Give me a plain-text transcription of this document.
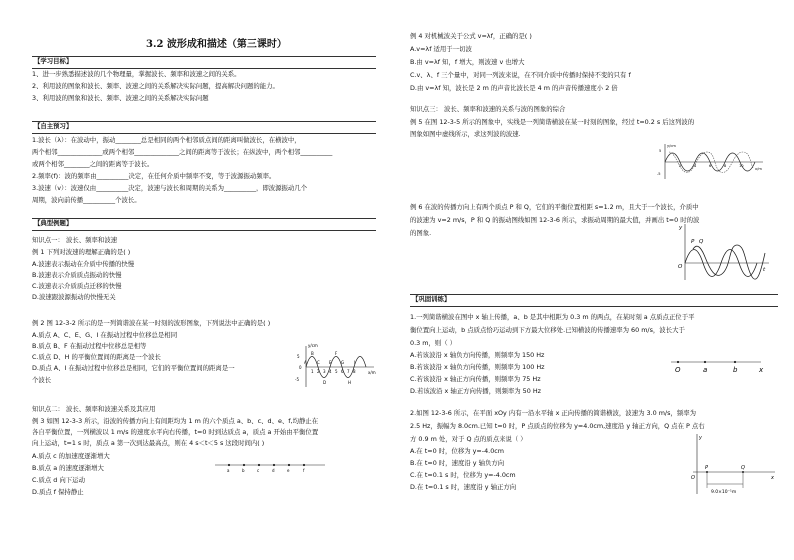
3.2 波形成和描述（第三课时）
【学习目标】
1、进一步熟悉描述波的几个物理量，掌握波长、频率和波速之间的关系。
2、利用波的图象和波长、频率、波速之间的关系解决实际问题，提高解决问题的能力。
3、利用波的图象和波长、频率、波速之间的关系解决实际问题
【自主预习】
1.波长（λ）：在波动中，振动________总是相同的两个相邻质点间的距离叫做波长，在横波中，
两个相邻______________或两个相邻______________之间的距离等于波长；在纵波中，两个相邻__________
或两个相邻________之间的距离等于波长。
2.频率(f)：波的频率由__________决定，在任何介质中频率不变，等于波源振动频率。
3.波速（v）：波速仅由__________决定，波速与波长和周期的关系为__________，即波源振动几个
周期，波向前传播__________个波长。
【典型例题】
知识点一： 波长、频率和波速
例 1 下列对波速的理解正确的是( )
A.波速表示振动在介质中传播的快慢
B.波速表示介质质点振动的快慢
C.波速表示介质质点迁移的快慢
D.波速跟波源振动的快慢无关
例 2 图 12-3-2 所示的是一列简谐波在某一时刻的波形图象，下列说法中正确的是( )
A.质点 A、C、E、G、I 在振动过程中位移总是相同
B.质点 B、F 在振动过程中位移总是相等
C.质点 D、H 的平衡位置间的距离是一个波长
D.质点 A、I 在振动过程中位移总是相同，它们的平衡位置间的距离是一
个波长
y/cm
x/m
5
0
-5
A
B
C
D
E
F
G
H
I
1 2 3 4 5 6 7 8
知识点二： 波长、频率和波速关系及其应用
例 3 如图 12-3-3 所示，沿波的传播方向上有间距均为 1 m 的六个质点 a、b、c、d、e、f,均静止在
各自平衡位置，一列横波以 1 m/s 的速度水平向右传播，t=0 时到达质点 a，质点 a 开始由平衡位置
向上运动，t=1 s 时，质点 a 第一次到达最高点，则在 4 s＜t＜5 s 这段时间内( )
A.质点 c 的加速度逐渐增大
B.质点 a 的速度逐渐增大
C.质点 d 向下运动
D.质点 f 保持静止
a	b	c	d	e	f
例 4 对机械波关于公式 v=λf，正确的是( )
A.v=λf 适用于一切波
B.由 v=λf 知，f 增大，则波速 v 也增大
C.v、λ、f 三个量中，对同一列波来说，在不同介质中传播时保持不变的只有 f
D.由 v=λf 知，波长是 2 m 的声音比波长是 4 m 的声音传播速度小 2 倍
知识点三： 波长、频率和波速的关系与波的图象的综合
例 5 在图 12-3-5 所示的图象中，实线是一列简谐横波在某一时刻的图象，经过 t=0.2 s 后这列波的
图象如图中虚线所示，求这列波的波速.
y/cm
x/m
5
-5
2	4	6	8	10
例 6 在波的传播方向上有两个质点 P 和 Q，它们的平衡位置相距 s=1.2 m，且大于一个波长，介质中
的波速为 v=2 m/s，P 和 Q 的振动图线如图 12-3-6 所示，求振动周期的最大值，并画出 t=0 时的波
的图象.
y
t
P Q
O
【巩固训练】
1.一列简谐横波在图中 x 轴上传播，a、b 是其中相距为 0.3 m 的两点，在某时刻 a 点质点正位于平
衡位置向上运动，b 点质点恰巧运动到下方最大位移处.已知横波的传播速率为 60 m/s，波长大于
0.3 m，则（ ）
A.若该波沿 x 轴负方向传播，则频率为 150 Hz
B.若该波沿 x 轴负方向传播，则频率为 100 Hz
C.若该波沿 x 轴正方向传播，则频率为 75 Hz
D.若该波沿 x 轴正方向传播，则频率为 50 Hz
O	a	b	x
2.如图 12-3-6 所示，在平面 xOy 内有一沿水平轴 x 正向传播的简谐横波，波速为 3.0 m/s，频率为
2.5 Hz，振幅为 8.0cm.已知 t=0 时，P 点质点的位移为 y=4.0cm,速度沿 y 轴正方向，Q 点在 P 点右
方 0.9 m 处，对于 Q 点的质点来说（ ）
A.在 t=0 时，位移为 y=-4.0cm
B.在 t=0 时，速度沿 y 轴负方向
C.在 t=0.1 s 时，位移为 y=-4.0cm
D.在 t=0.1 s 时，速度沿 y 轴正方向
y
x
O
P	Q
9.0×10⁻¹m
